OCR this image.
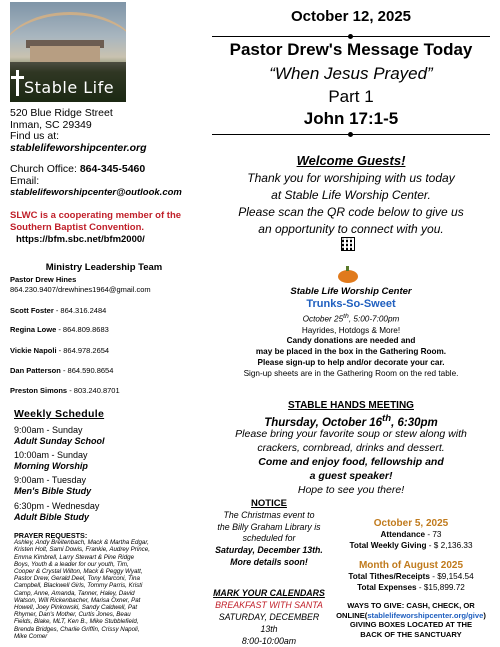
Stable Life
520 Blue Ridge Street
Inman, SC 29349
Find us at:
stablelifeworshipcenter.org
Church Office: 864-345-5460
Email:
stablelifeworshipcenter@outlook.com
SLWC is a cooperating member of the Southern Baptist Convention.
https://bfm.sbc.net/bfm2000/
Ministry Leadership Team
Pastor Drew Hines
864.230.9407/drewhines1964@gmail.com
Scott Foster - 864.316.2484
Regina Lowe - 864.809.8683
Vickie Napoli - 864.978.2654
Dan Patterson - 864.590.8654
Preston Simons - 803.240.8701
Weekly Schedule
9:00am - Sunday
Adult Sunday School
10:00am - Sunday
Morning Worship
9:00am - Tuesday
Men's Bible Study
6:30pm - Wednesday
Adult Bible Study
PRAYER REQUESTS:
Ashley, Andy Breitenbach, Mack & Martha Edgar, Kristen Holt, Sami Dowis, Frankie, Audrey Prince, Emma Kimbrell, Larry Stewart & Pine Ridge Boys, Youth & a leader for our youth, Tim, Cooper & Crystal Wilton, Mack & Peggy Wyatt, Pastor Drew, Gerald Deel, Tony Marconi, Tina Campbell, Blackwell Girls, Tommy Parris, Kristi Camp, Anne, Amanda, Tanner, Haley, David Watson, Will Rickenbacher, Marisa Oxner, Pat Howell, Joey Pinkowski, Sandy Caldwell, Pat Rhymer, Dan's Mother, Curtis Jones, Beau Fields, Blake, MLT, Ken B., Mike Stubblefield, Brenda Bridges, Charlie Griffin, Crissy Napoli, Mike Comer
October 12, 2025
Pastor Drew's Message Today
“When Jesus Prayed”
Part 1
John 17:1-5
Welcome Guests!
Thank you for worshiping with us today
at Stable Life Worship Center.
Please scan the QR code below to give us
an opportunity to connect with you.
Stable Life Worship Center
Trunks-So-Sweet
October 25th, 5:00-7:00pm
Hayrides, Hotdogs & More!
Candy donations are needed and
may be placed in the box in the Gathering Room.
Please sign-up to help and/or decorate your car.
Sign-up sheets are in the Gathering Room on the red table.
STABLE HANDS MEETING
Thursday, October 16th, 6:30pm
Please bring your favorite soup or stew along with
crackers, cornbread, drinks and dessert.
Come and enjoy food, fellowship and
a guest speaker!
Hope to see you there!
NOTICE
The Christmas event to
the Billy Graham Library is
scheduled for
Saturday, December 13th.
More details soon!
MARK YOUR CALENDARS
BREAKFAST WITH SANTA
SATURDAY, DECEMBER 13th
8:00-10:00am
October 5, 2025
Attendance - 73
Total Weekly Giving - $ 2,136.33
Month of August 2025
Total Tithes/Receipts - $9,154.54
Total Expenses - $15,899.72
WAYS TO GIVE: CASH, CHECK, OR
ONLINE(stablelifeworshipcenter.org/give)
GIVING BOXES LOCATED AT THE
BACK OF THE SANCTUARY
